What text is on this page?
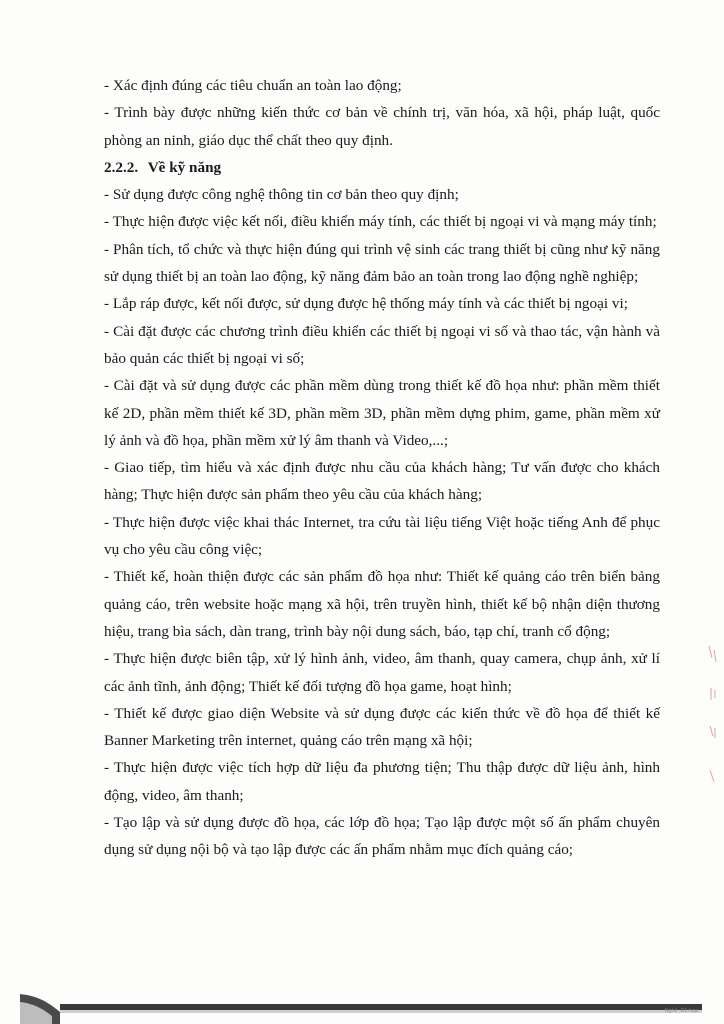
- Xác định đúng các tiêu chuẩn an toàn lao động;

- Trình bày được những kiến thức cơ bản về chính trị, văn hóa, xã hội, pháp luật, quốc phòng an ninh, giáo dục thể chất theo quy định.

2.2.2. Về kỹ năng

- Sử dụng được công nghệ thông tin cơ bản theo quy định;

- Thực hiện được việc kết nối, điều khiển máy tính, các thiết bị ngoại vi và mạng máy tính;

- Phân tích, tổ chức và thực hiện đúng qui trình vệ sinh các trang thiết bị cũng như kỹ năng sử dụng thiết bị an toàn lao động, kỹ năng đảm bảo an toàn trong lao động nghề nghiệp;

- Lắp ráp được, kết nối được, sử dụng được hệ thống máy tính và các thiết bị ngoại vi;

- Cài đặt được các chương trình điều khiển các thiết bị ngoại vi số và thao tác, vận hành và bảo quản các thiết bị ngoại vi số;

- Cài đặt và sử dụng được các phần mềm dùng trong thiết kế đồ họa như: phần mềm thiết kế 2D, phần mềm thiết kế 3D, phần mềm 3D, phần mềm dựng phim, game, phần mềm xử lý ảnh và đồ họa, phần mềm xử lý âm thanh và Video,...;

- Giao tiếp, tìm hiểu và xác định được nhu cầu của khách hàng; Tư vấn được cho khách hàng; Thực hiện được sản phẩm theo yêu cầu của khách hàng;

- Thực hiện được việc khai thác Internet, tra cứu tài liệu tiếng Việt hoặc tiếng Anh để phục vụ cho yêu cầu công việc;

- Thiết kế, hoàn thiện được các sản phẩm đồ họa như: Thiết kế quảng cáo trên biển bảng quảng cáo, trên website hoặc mạng xã hội, trên truyền hình, thiết kế bộ nhận diện thương hiệu, trang bìa sách, dàn trang, trình bày nội dung sách, báo, tạp chí, tranh cổ động;

- Thực hiện được biên tập, xử lý hình ảnh, video, âm thanh, quay camera, chụp ảnh, xử lí các ảnh tĩnh, ảnh động; Thiết kế đối tượng đồ họa game, hoạt hình;

- Thiết kế được giao diện Website và sử dụng được các kiến thức về đồ họa để thiết kế Banner Marketing trên internet, quảng cáo trên mạng xã hội;

- Thực hiện được việc tích hợp dữ liệu đa phương tiện; Thu thập được dữ liệu ảnh, hình động, video, âm thanh;

- Tạo lập và sử dụng được đồ họa, các lớp đồ họa; Tạo lập được một số ấn phẩm chuyên dụng sử dụng nội bộ và tạo lập được các ấn phẩm nhằm mục đích quảng cáo;

Nghề: Đồ họa
